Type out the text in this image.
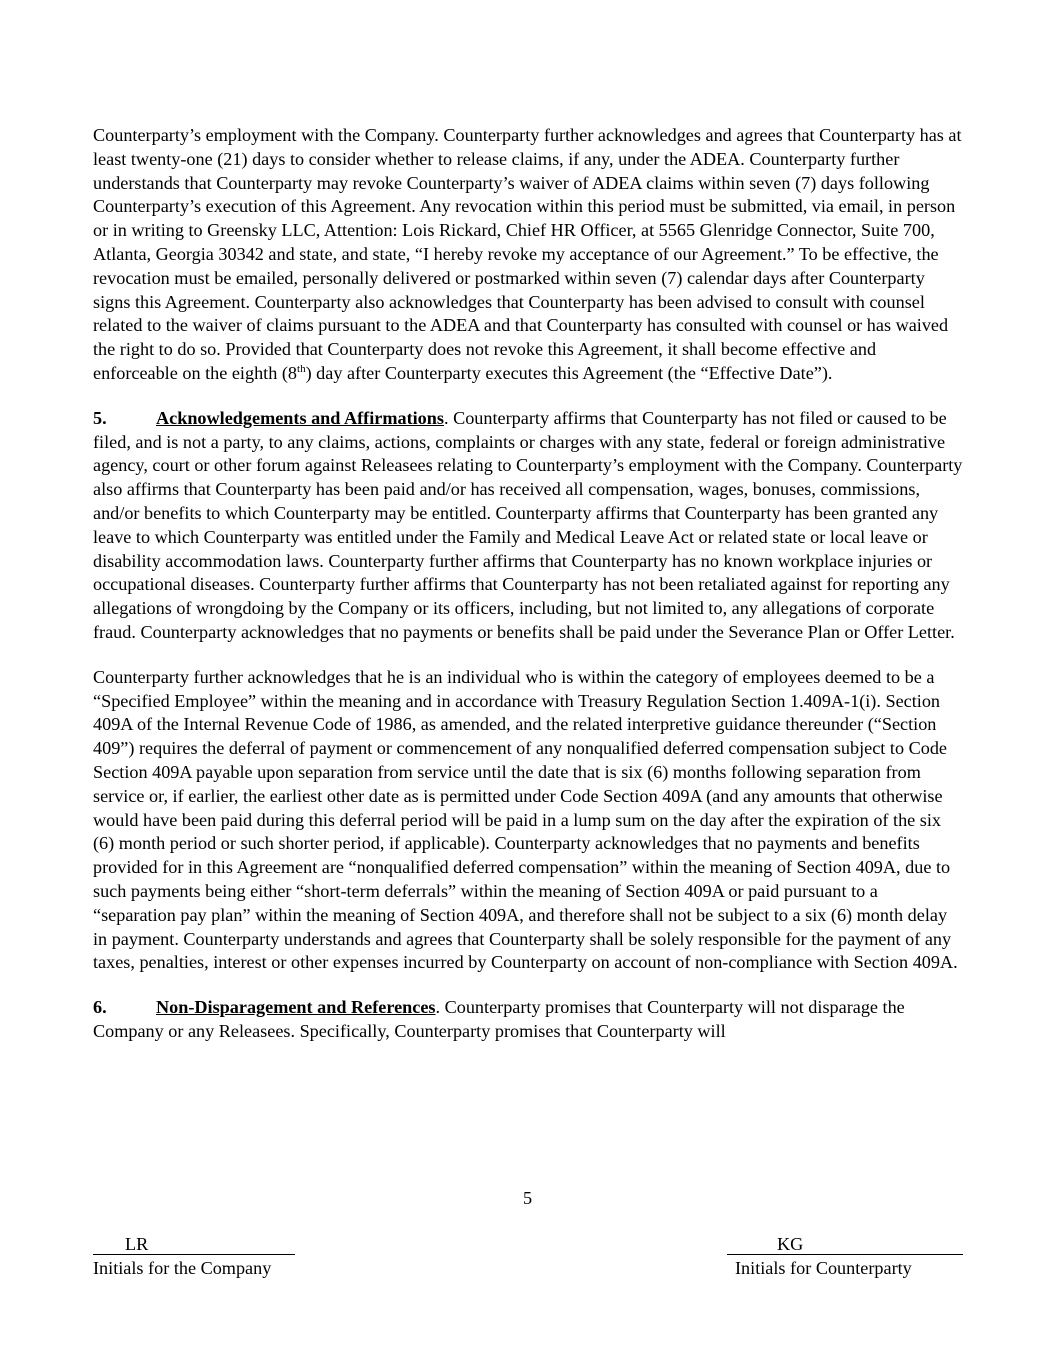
Counterparty’s employment with the Company. Counterparty further acknowledges and agrees that Counterparty has at least twenty-one (21) days to consider whether to release claims, if any, under the ADEA. Counterparty further understands that Counterparty may revoke Counterparty’s waiver of ADEA claims within seven (7) days following Counterparty’s execution of this Agreement. Any revocation within this period must be submitted, via email, in person or in writing to Greensky LLC, Attention: Lois Rickard, Chief HR Officer, at 5565 Glenridge Connector, Suite 700, Atlanta, Georgia 30342 and state, and state, “I hereby revoke my acceptance of our Agreement.” To be effective, the revocation must be emailed, personally delivered or postmarked within seven (7) calendar days after Counterparty signs this Agreement. Counterparty also acknowledges that Counterparty has been advised to consult with counsel related to the waiver of claims pursuant to the ADEA and that Counterparty has consulted with counsel or has waived the right to do so. Provided that Counterparty does not revoke this Agreement, it shall become effective and enforceable on the eighth (8th) day after Counterparty executes this Agreement (the “Effective Date”).

5.	Acknowledgements and Affirmations. Counterparty affirms that Counterparty has not filed or caused to be filed, and is not a party, to any claims, actions, complaints or charges with any state, federal or foreign administrative agency, court or other forum against Releasees relating to Counterparty’s employment with the Company. Counterparty also affirms that Counterparty has been paid and/or has received all compensation, wages, bonuses, commissions, and/or benefits to which Counterparty may be entitled. Counterparty affirms that Counterparty has been granted any leave to which Counterparty was entitled under the Family and Medical Leave Act or related state or local leave or disability accommodation laws. Counterparty further affirms that Counterparty has no known workplace injuries or occupational diseases. Counterparty further affirms that Counterparty has not been retaliated against for reporting any allegations of wrongdoing by the Company or its officers, including, but not limited to, any allegations of corporate fraud. Counterparty acknowledges that no payments or benefits shall be paid under the Severance Plan or Offer Letter.

Counterparty further acknowledges that he is an individual who is within the category of employees deemed to be a “Specified Employee” within the meaning and in accordance with Treasury Regulation Section 1.409A-1(i). Section 409A of the Internal Revenue Code of 1986, as amended, and the related interpretive guidance thereunder (“Section 409”) requires the deferral of payment or commencement of any nonqualified deferred compensation subject to Code Section 409A payable upon separation from service until the date that is six (6) months following separation from service or, if earlier, the earliest other date as is permitted under Code Section 409A (and any amounts that otherwise would have been paid during this deferral period will be paid in a lump sum on the day after the expiration of the six (6) month period or such shorter period, if applicable). Counterparty acknowledges that no payments and benefits provided for in this Agreement are “nonqualified deferred compensation” within the meaning of Section 409A, due to such payments being either “short-term deferrals” within the meaning of Section 409A or paid pursuant to a “separation pay plan” within the meaning of Section 409A, and therefore shall not be subject to a six (6) month delay in payment. Counterparty understands and agrees that Counterparty shall be solely responsible for the payment of any taxes, penalties, interest or other expenses incurred by Counterparty on account of non-compliance with Section 409A.

6.	Non-Disparagement and References. Counterparty promises that Counterparty will not disparage the Company or any Releasees. Specifically, Counterparty promises that Counterparty will

5
LR
Initials for the Company
KG
Initials for Counterparty
